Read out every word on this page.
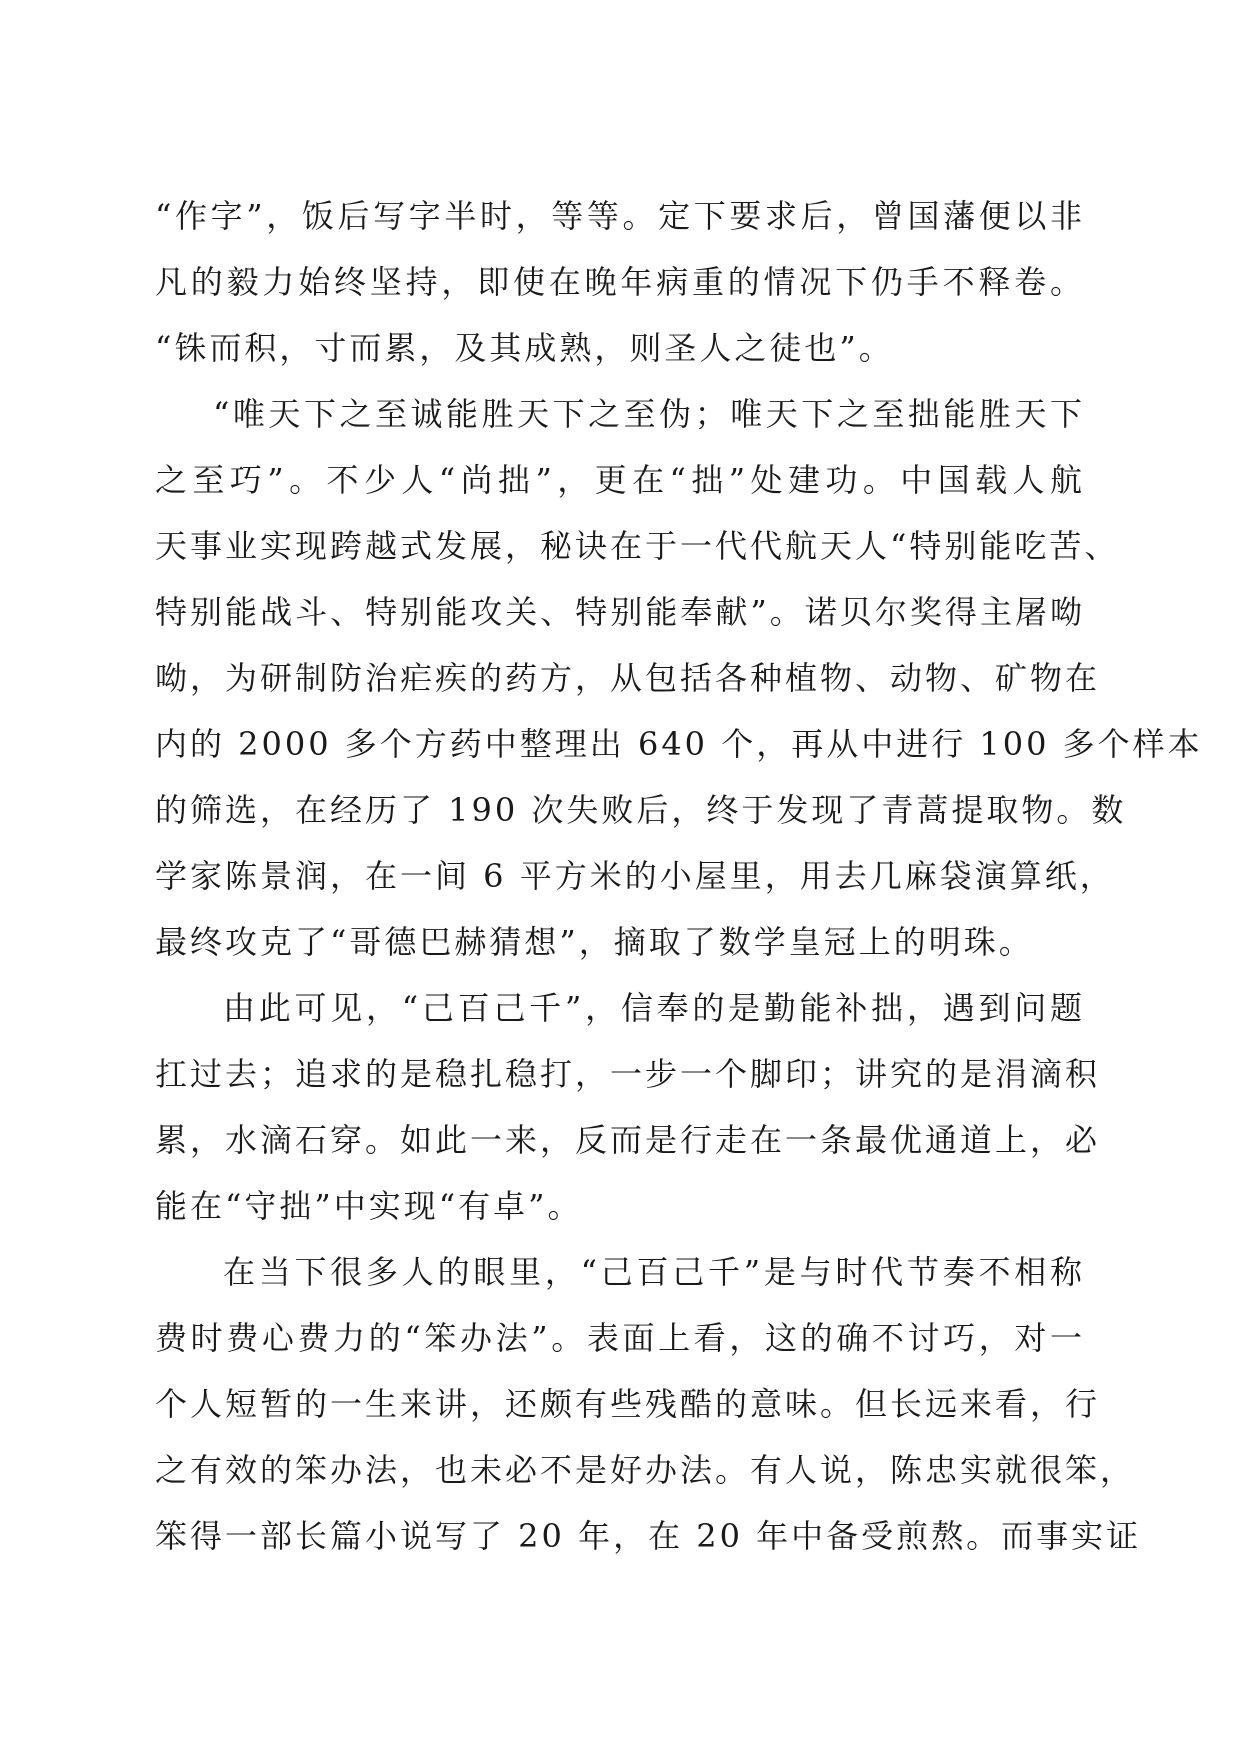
“作字”，饭后写字半时，等等。定下要求后，曾国藩便以非
凡的毅力始终坚持，即使在晚年病重的情况下仍手不释卷。
“铢而积，寸而累，及其成熟，则圣人之徒也”。
“唯天下之至诚能胜天下之至伪；唯天下之至拙能胜天下
之至巧”。不少人“尚拙”，更在“拙”处建功。中国载人航
天事业实现跨越式发展，秘诀在于一代代航天人“特别能吃苦、
特别能战斗、特别能攻关、特别能奉献”。诺贝尔奖得主屠呦
呦，为研制防治疟疾的药方，从包括各种植物、动物、矿物在
内的 2000 多个方药中整理出 640 个，再从中进行 100 多个样本
的筛选，在经历了 190 次失败后，终于发现了青蒿提取物。数
学家陈景润，在一间 6 平方米的小屋里，用去几麻袋演算纸，
最终攻克了“哥德巴赫猜想”，摘取了数学皇冠上的明珠。
由此可见，“己百己千”，信奉的是勤能补拙，遇到问题
扛过去；追求的是稳扎稳打，一步一个脚印；讲究的是涓滴积
累，水滴石穿。如此一来，反而是行走在一条最优通道上，必
能在“守拙”中实现“有卓”。
在当下很多人的眼里，“己百己千”是与时代节奏不相称
费时费心费力的“笨办法”。表面上看，这的确不讨巧，对一
个人短暂的一生来讲，还颇有些残酷的意味。但长远来看，行
之有效的笨办法，也未必不是好办法。有人说，陈忠实就很笨，
笨得一部长篇小说写了 20 年，在 20 年中备受煎熬。而事实证
